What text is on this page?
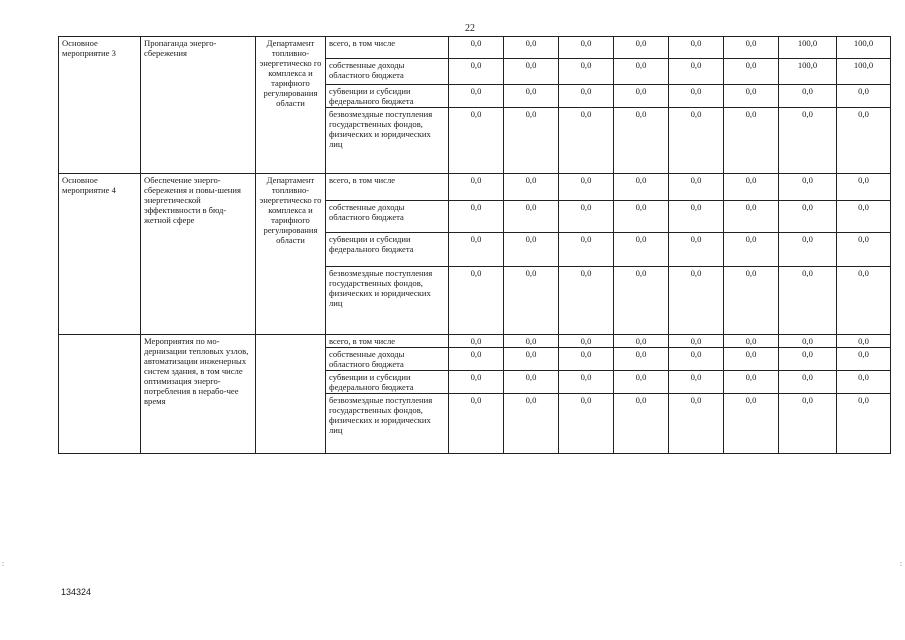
22
Основное мероприятие 3	Пропаганда энерго-сбережения	Департамент топливно-энергетическо го комплекса и тарифного регулирования области	всего, в том числе	0,0	0,0	0,0	0,0	0,0	0,0	100,0	100,0
			собственные доходы областного бюджета	0,0	0,0	0,0	0,0	0,0	0,0	100,0	100,0
			субвенции и субсидии федерального бюджета	0,0	0,0	0,0	0,0	0,0	0,0	0,0	0,0
			безвозмездные поступления государственных фондов, физических и юридических лиц	0,0	0,0	0,0	0,0	0,0	0,0	0,0	0,0
Основное мероприятие 4	Обеспечение энерго-сбережения и повы-шения энергетической эффективности в бюд-жетной сфере	Департамент топливно-энергетическо го комплекса и тарифного регулирования области	всего, в том числе	0,0	0,0	0,0	0,0	0,0	0,0	0,0	0,0
			собственные доходы областного бюджета	0,0	0,0	0,0	0,0	0,0	0,0	0,0	0,0
			субвенции и субсидии федерального бюджета	0,0	0,0	0,0	0,0	0,0	0,0	0,0	0,0
			безвозмездные поступления государственных фондов, физических и юридических лиц	0,0	0,0	0,0	0,0	0,0	0,0	0,0	0,0
	Мероприятия по мо-дернизации тепловых узлов, автоматизации инженерных систем здания, в том числе оптимизация энерго-потребления в нерабо-чее время		всего, в том числе	0,0	0,0	0,0	0,0	0,0	0,0	0,0	0,0
			собственные доходы областного бюджета	0,0	0,0	0,0	0,0	0,0	0,0	0,0	0,0
			субвенции и субсидии федерального бюджета	0,0	0,0	0,0	0,0	0,0	0,0	0,0	0,0
			безвозмездные поступления государственных фондов, физических и юридических лиц	0,0	0,0	0,0	0,0	0,0	0,0	0,0	0,0
:	:
134324
